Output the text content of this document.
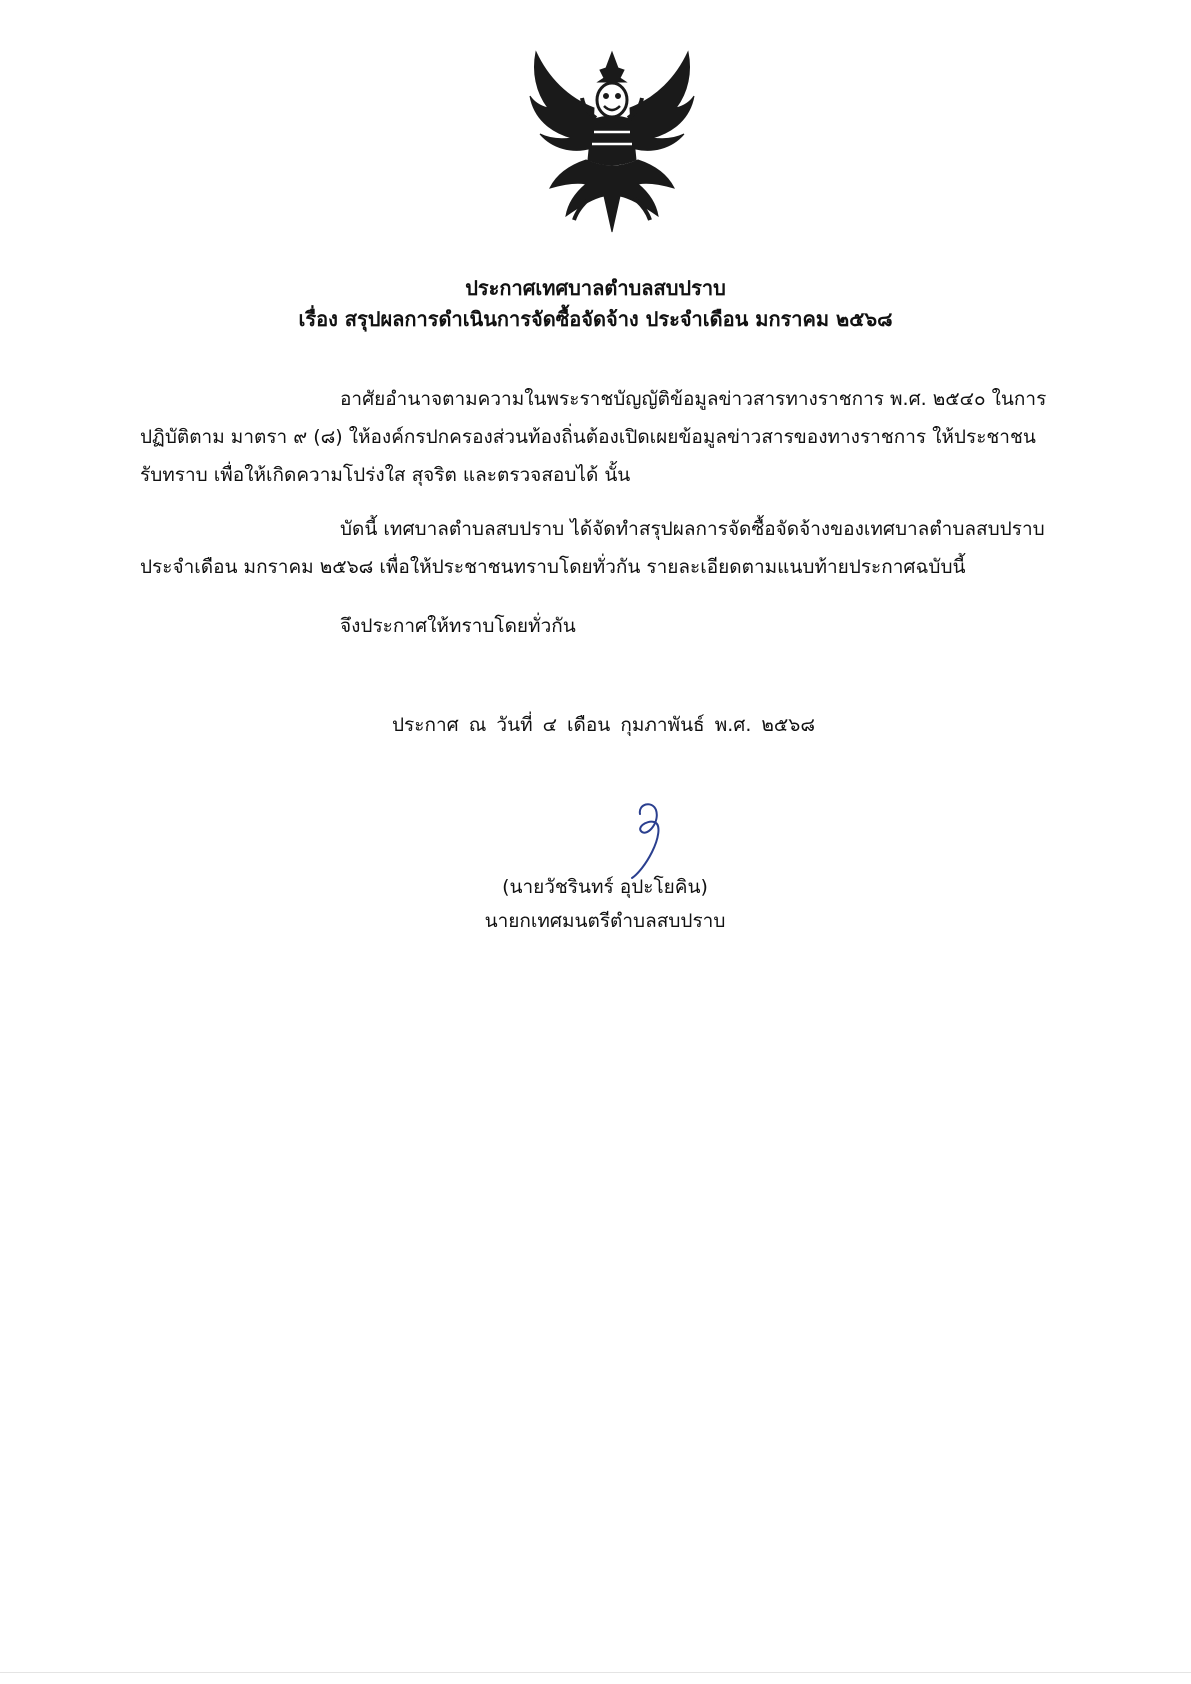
ประกาศเทศบาลตำบลสบปราบ
เรื่อง สรุปผลการดำเนินการจัดซื้อจัดจ้าง ประจำเดือน มกราคม ๒๕๖๘
อาศัยอำนาจตามความในพระราชบัญญัติข้อมูลข่าวสารทางราชการ พ.ศ. ๒๕๔๐ ในการ
ปฏิบัติตาม มาตรา ๙ (๘) ให้องค์กรปกครองส่วนท้องถิ่นต้องเปิดเผยข้อมูลข่าวสารของทางราชการ ให้ประชาชน
รับทราบ เพื่อให้เกิดความโปร่งใส สุจริต และตรวจสอบได้ นั้น
บัดนี้ เทศบาลตำบลสบปราบ ได้จัดทำสรุปผลการจัดซื้อจัดจ้างของเทศบาลตำบลสบปราบ
ประจำเดือน มกราคม ๒๕๖๘ เพื่อให้ประชาชนทราบโดยทั่วกัน รายละเอียดตามแนบท้ายประกาศฉบับนี้
จึงประกาศให้ทราบโดยทั่วกัน
ประกาศ ณ วันที่ ๔ เดือน กุมภาพันธ์ พ.ศ. ๒๕๖๘
(นายวัชรินทร์ อุปะโยคิน)
นายกเทศมนตรีตำบลสบปราบ
